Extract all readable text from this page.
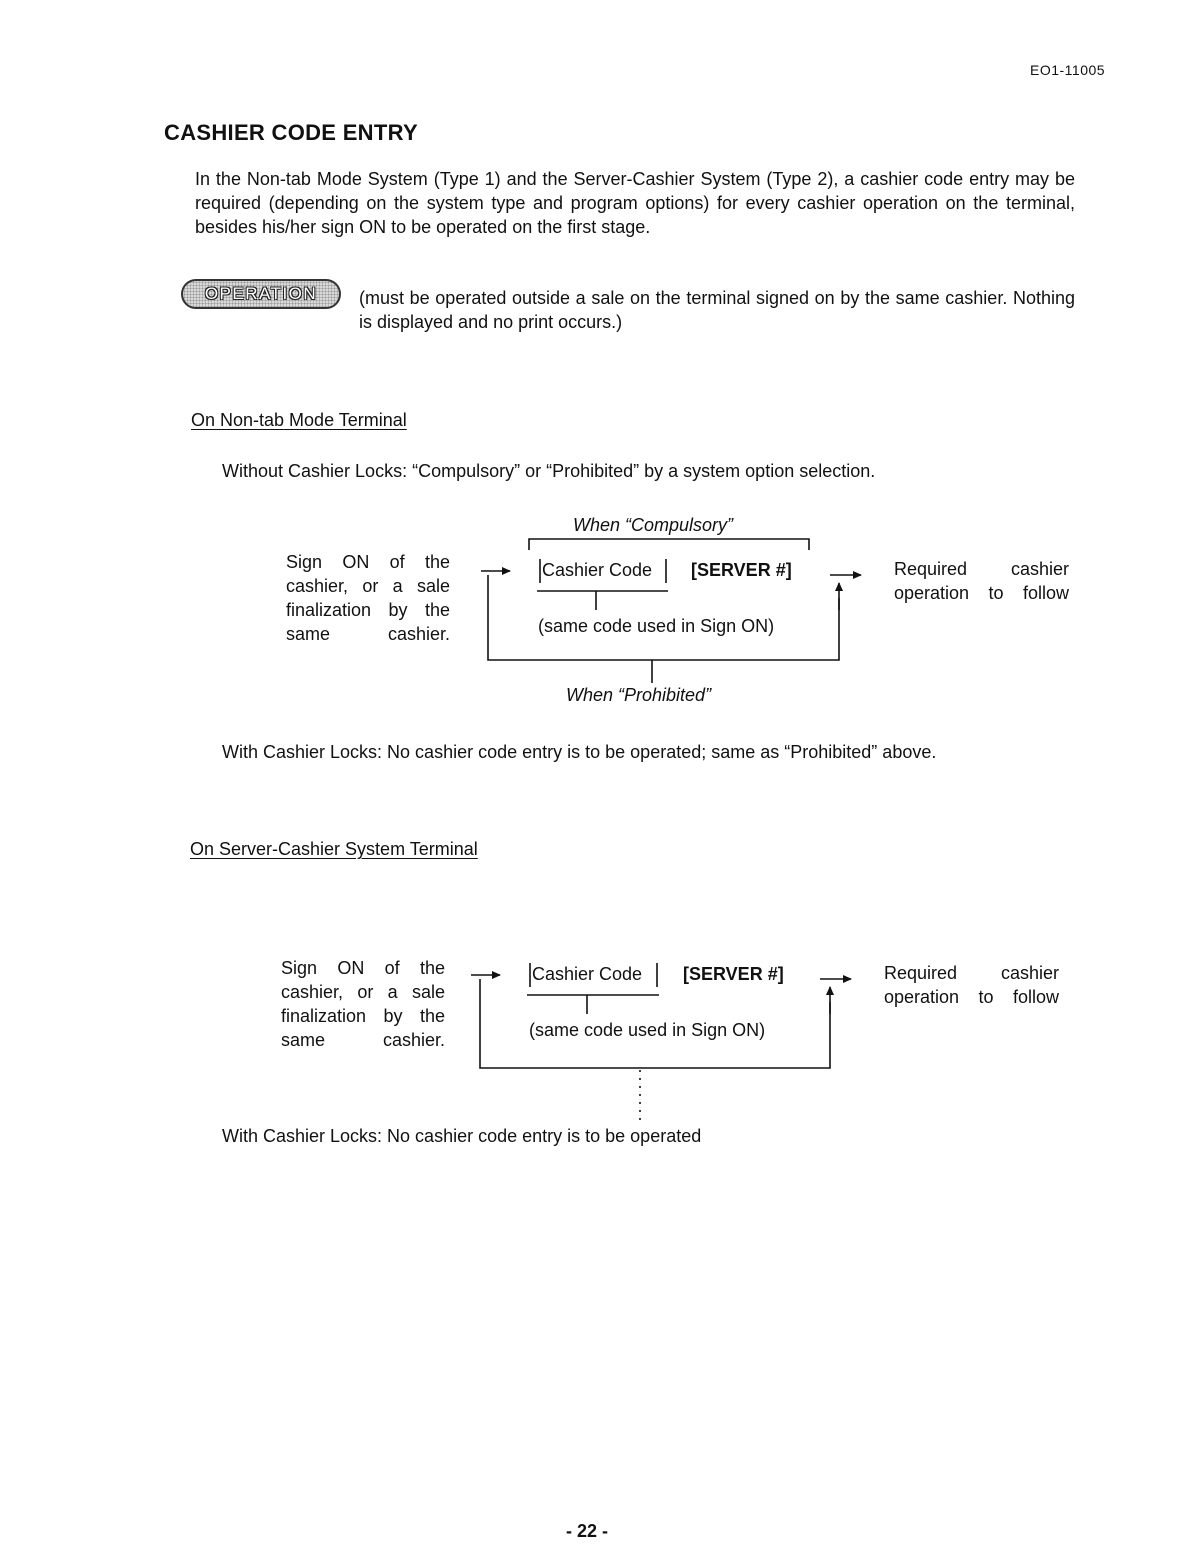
EO1-11005
CASHIER CODE ENTRY
In the Non-tab Mode System (Type 1) and the Server-Cashier System (Type 2), a cashier code entry may be required (depending on the system type and program options) for every cashier operation on the terminal, besides his/her sign ON to be operated on the first stage.
OPERATION (must be operated outside a sale on the terminal signed on by the same cashier. Nothing is displayed and no print occurs.)
On Non-tab Mode Terminal
Without Cashier Locks: “Compulsory” or “Prohibited” by a system option selection.
When “Compulsory”
Sign ON of the cashier, or a sale finalization by the same cashier.
Cashier Code [SERVER #]
(same code used in Sign ON)
Required cashier operation to follow
When “Prohibited”
With Cashier Locks: No cashier code entry is to be operated; same as “Prohibited” above.
On Server-Cashier System Terminal
Sign ON of the cashier, or a sale finalization by the same cashier.
Cashier Code [SERVER #]
(same code used in Sign ON)
Required cashier operation to follow
With Cashier Locks: No cashier code entry is to be operated
- 22 -
